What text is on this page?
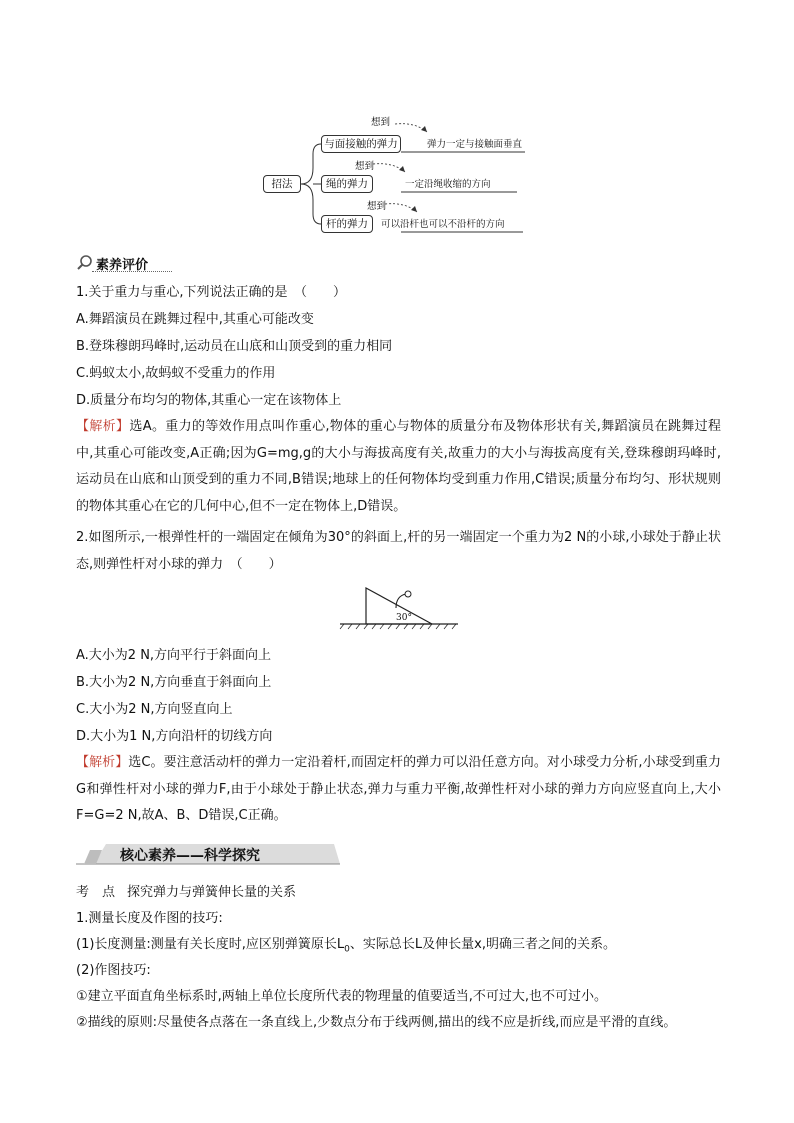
招法
与面接触的弹力
想到
弹力一定与接触面垂直
绳的弹力
想到
一定沿绳收缩的方向
杆的弹力
想到
可以沿杆也可以不沿杆的方向
素养评价
1.关于重力与重心,下列说法正确的是　（　　）
A.舞蹈演员在跳舞过程中,其重心可能改变
B.登珠穆朗玛峰时,运动员在山底和山顶受到的重力相同
C.蚂蚁太小,故蚂蚁不受重力的作用
D.质量分布均匀的物体,其重心一定在该物体上
【解析】选A。重力的等效作用点叫作重心,物体的重心与物体的质量分布及物体形状有关,舞蹈演员在跳舞过程中,其重心可能改变,A正确;因为G=mg,g的大小与海拔高度有关,故重力的大小与海拔高度有关,登珠穆朗玛峰时,运动员在山底和山顶受到的重力不同,B错误;地球上的任何物体均受到重力作用,C错误;质量分布均匀、形状规则的物体其重心在它的几何中心,但不一定在物体上,D错误。
2.如图所示,一根弹性杆的一端固定在倾角为30°的斜面上,杆的另一端固定一个重力为2 N的小球,小球处于静止状态,则弹性杆对小球的弹力　（　　）
30°
A.大小为2 N,方向平行于斜面向上
B.大小为2 N,方向垂直于斜面向上
C.大小为2 N,方向竖直向上
D.大小为1 N,方向沿杆的切线方向
【解析】选C。要注意活动杆的弹力一定沿着杆,而固定杆的弹力可以沿任意方向。对小球受力分析,小球受到重力G和弹性杆对小球的弹力F,由于小球处于静止状态,弹力与重力平衡,故弹性杆对小球的弹力方向应竖直向上,大小F=G=2 N,故A、B、D错误,C正确。
核心素养——科学探究
考　点 探究弹力与弹簧伸长量的关系
1.测量长度及作图的技巧:
(1)长度测量:测量有关长度时,应区别弹簧原长$L_0$、实际总长L及伸长量x,明确三者之间的关系。
(2)作图技巧:
①建立平面直角坐标系时,两轴上单位长度所代表的物理量的值要适当,不可过大,也不可过小。
②描线的原则:尽量使各点落在一条直线上,少数点分布于线两侧,描出的线不应是折线,而应是平滑的直线。
